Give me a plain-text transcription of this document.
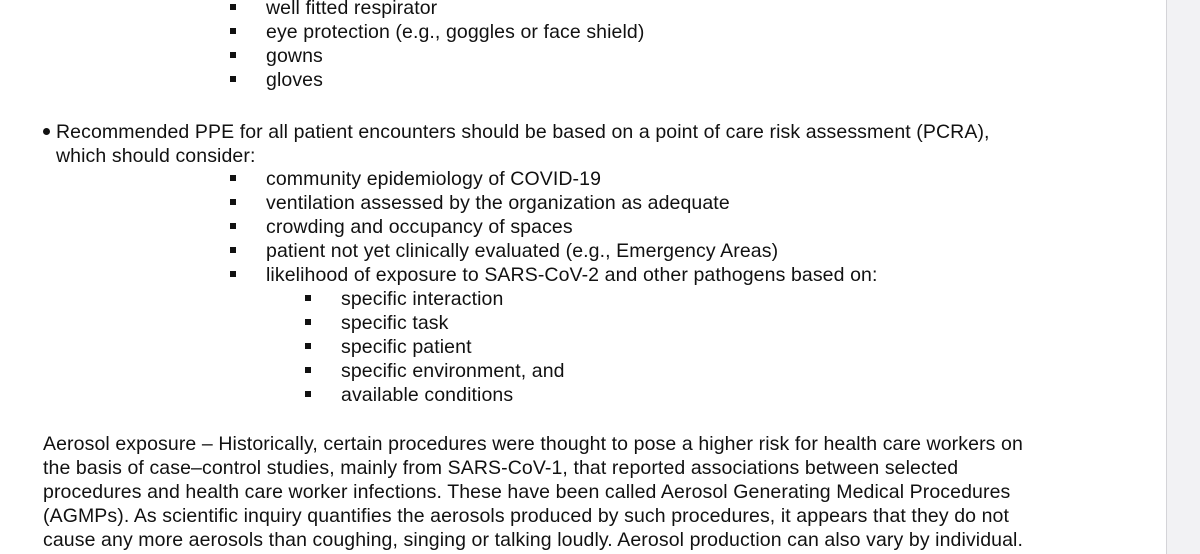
well fitted respirator
eye protection (e.g., goggles or face shield)
gowns
gloves
Recommended PPE for all patient encounters should be based on a point of care risk assessment (PCRA),
which should consider:
community epidemiology of COVID-19
ventilation assessed by the organization as adequate
crowding and occupancy of spaces
patient not yet clinically evaluated (e.g., Emergency Areas)
likelihood of exposure to SARS-CoV-2 and other pathogens based on:
specific interaction
specific task
specific patient
specific environment, and
available conditions
Aerosol exposure – Historically, certain procedures were thought to pose a higher risk for health care workers on
the basis of case–control studies, mainly from SARS-CoV-1, that reported associations between selected
procedures and health care worker infections. These have been called Aerosol Generating Medical Procedures
(AGMPs). As scientific inquiry quantifies the aerosols produced by such procedures, it appears that they do not
cause any more aerosols than coughing, singing or talking loudly. Aerosol production can also vary by individual.
